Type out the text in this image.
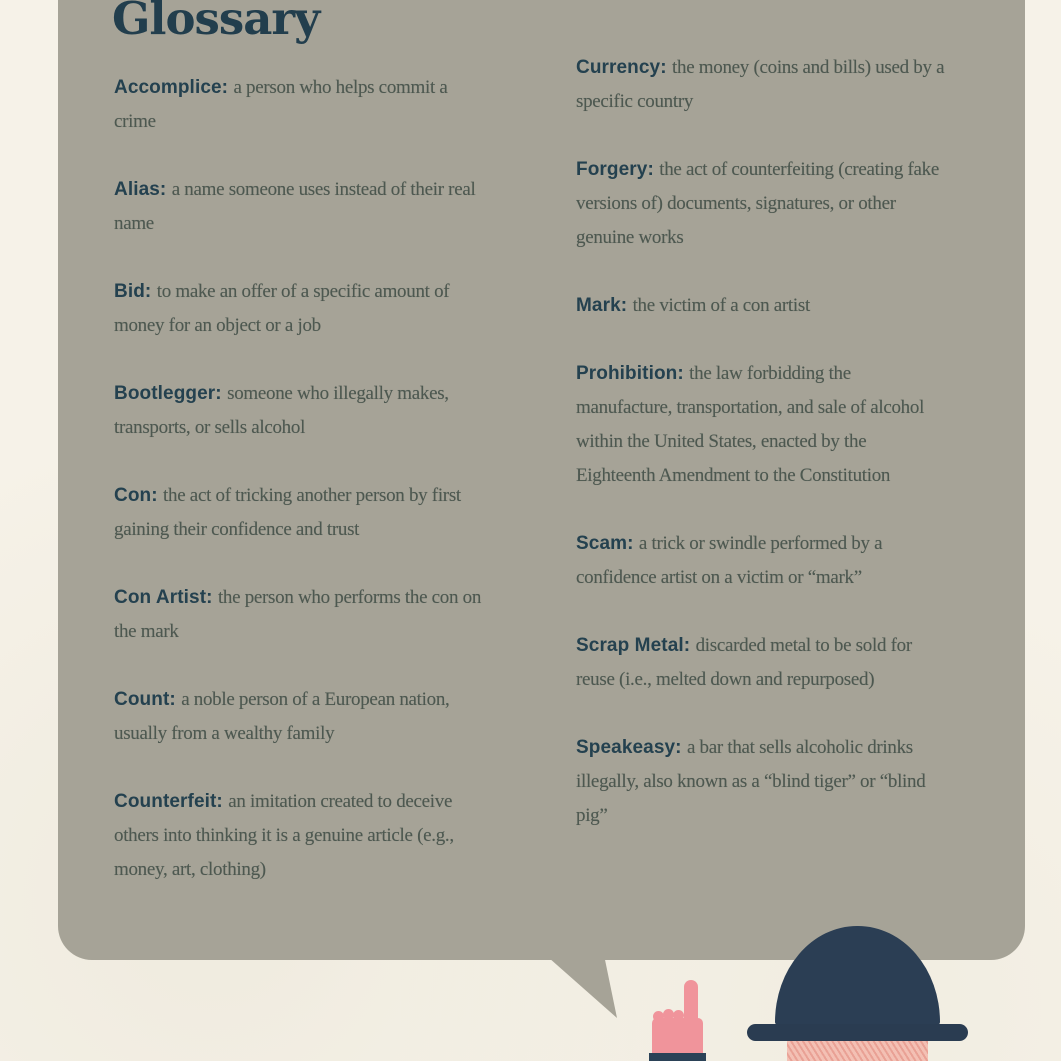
Glossary
Accomplice: a person who helps commit a crime
Alias: a name someone uses instead of their real name
Bid: to make an offer of a specific amount of money for an object or a job
Bootlegger: someone who illegally makes, transports, or sells alcohol
Con: the act of tricking another person by first gaining their confidence and trust
Con Artist: the person who performs the con on the mark
Count: a noble person of a European nation, usually from a wealthy family
Counterfeit: an imitation created to deceive others into thinking it is a genuine article (e.g., money, art, clothing)
Currency: the money (coins and bills) used by a specific country
Forgery: the act of counterfeiting (creating fake versions of) documents, signatures, or other genuine works
Mark: the victim of a con artist
Prohibition: the law forbidding the manufacture, transportation, and sale of alcohol within the United States, enacted by the Eighteenth Amendment to the Constitution
Scam: a trick or swindle performed by a confidence artist on a victim or “mark”
Scrap Metal: discarded metal to be sold for reuse (i.e., melted down and repurposed)
Speakeasy: a bar that sells alcoholic drinks illegally, also known as a “blind tiger” or “blind pig”
